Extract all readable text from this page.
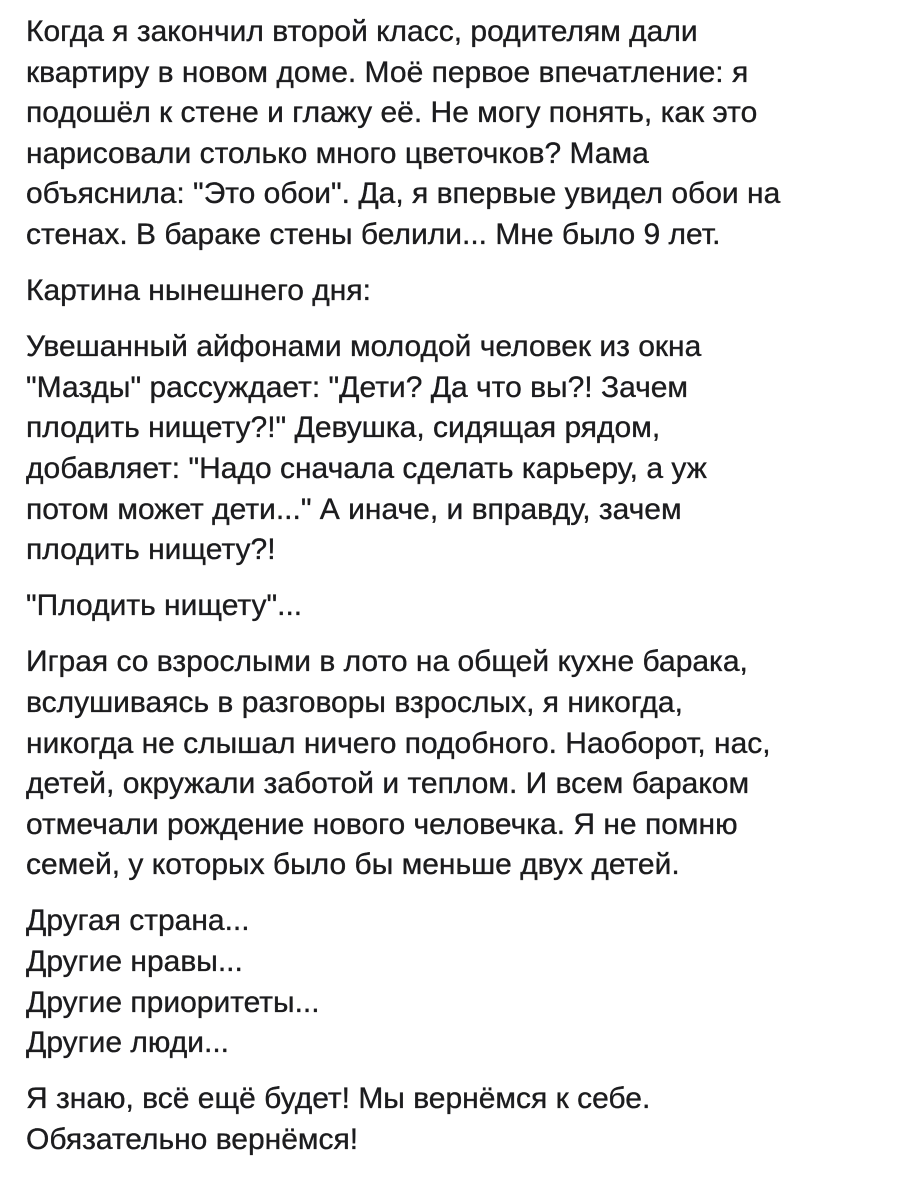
Когда я закончил второй класс, родителям дали
квартиру в новом доме. Моё первое впечатление: я
подошёл к стене и глажу её. Не могу понять, как это
нарисовали столько много цветочков? Мама
объяснила: "Это обои". Да, я впервые увидел обои на
стенах. В бараке стены белили... Мне было 9 лет.
Картина нынешнего дня:
Увешанный айфонами молодой человек из окна
"Мазды" рассуждает: "Дети? Да что вы?! Зачем
плодить нищету?!" Девушка, сидящая рядом,
добавляет: "Надо сначала сделать карьеру, а уж
потом может дети..." А иначе, и вправду, зачем
плодить нищету?!
"Плодить нищету"...
Играя со взрослыми в лото на общей кухне барака,
вслушиваясь в разговоры взрослых, я никогда,
никогда не слышал ничего подобного. Наоборот, нас,
детей, окружали заботой и теплом. И всем бараком
отмечали рождение нового человечка. Я не помню
семей, у которых было бы меньше двух детей.
Другая страна...
Другие нравы...
Другие приоритеты...
Другие люди...
Я знаю, всё ещё будет! Мы вернёмся к себе.
Обязательно вернёмся!
